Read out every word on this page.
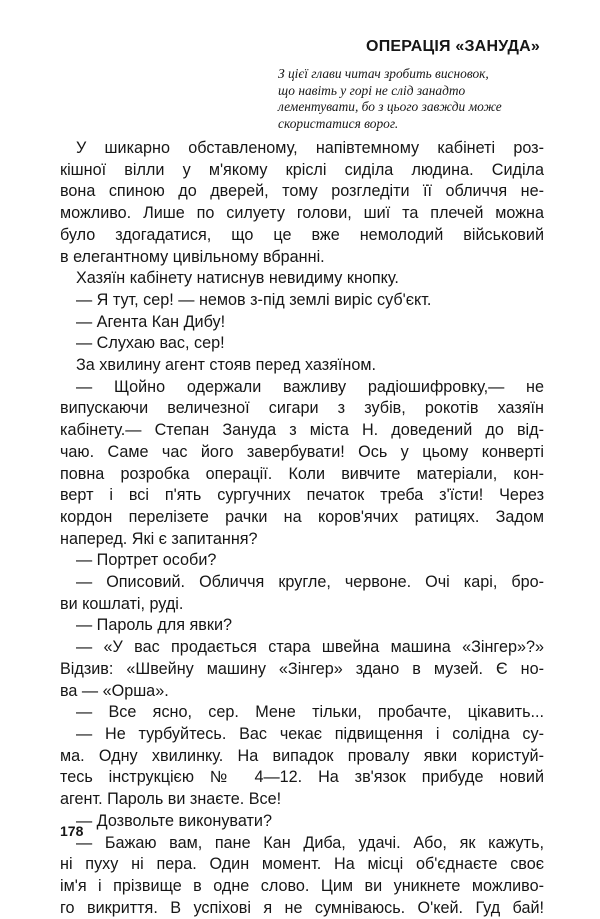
ОПЕРАЦІЯ «ЗАНУДА»
З цієї глави читач зробить висновок,
що навіть у горі не слід занадто
лементувати, бо з цього завжди може
скористатися ворог.
У шикарно обставленому, напівтемному кабінеті роз-
кішної вілли у м'якому кріслі сиділа людина. Сиділа
вона спиною до дверей, тому розгледіти її обличчя не-
можливо. Лише по силуету голови, шиї та плечей можна
було здогадатися, що це вже немолодий військовий
в елегантному цивільному вбранні.
Хазяїн кабінету натиснув невидиму кнопку.
— Я тут, сер! — немов з-під землі виріс суб'єкт.
— Агента Кан Дибу!
— Слухаю вас, сер!
За хвилину агент стояв перед хазяїном.
— Щойно одержали важливу радіошифровку,— не
випускаючи величезної сигари з зубів, рокотів хазяїн
кабінету.— Степан Зануда з міста Н. доведений до від-
чаю. Саме час його завербувати! Ось у цьому конверті
повна розробка операції. Коли вивчите матеріали, кон-
верт і всі п'ять сургучних печаток треба з'їсти! Через
кордон перелізете рачки на коров'ячих ратицях. Задом
наперед. Які є запитання?
— Портрет особи?
— Описовий. Обличчя кругле, червоне. Очі карі, бро-
ви кошлаті, руді.
— Пароль для явки?
— «У вас продається стара швейна машина «Зінгер»?»
Відзив: «Швейну машину «Зінгер» здано в музей. Є но-
ва — «Орша».
— Все ясно, сер. Мене тільки, пробачте, цікавить...
— Не турбуйтесь. Вас чекає підвищення і солідна су-
ма. Одну хвилинку. На випадок провалу явки користуй-
тесь інструкцією № 4—12. На зв'язок прибуде новий
агент. Пароль ви знаєте. Все!
— Дозвольте виконувати?
— Бажаю вам, пане Кан Диба, удачі. Або, як кажуть,
ні пуху ні пера. Один момент. На місці об'єднаєте своє
ім'я і прізвище в одне слово. Цим ви уникнете можливо-
го викриття. В успіхові я не сумніваюсь. О'кей. Гуд бай!

178
